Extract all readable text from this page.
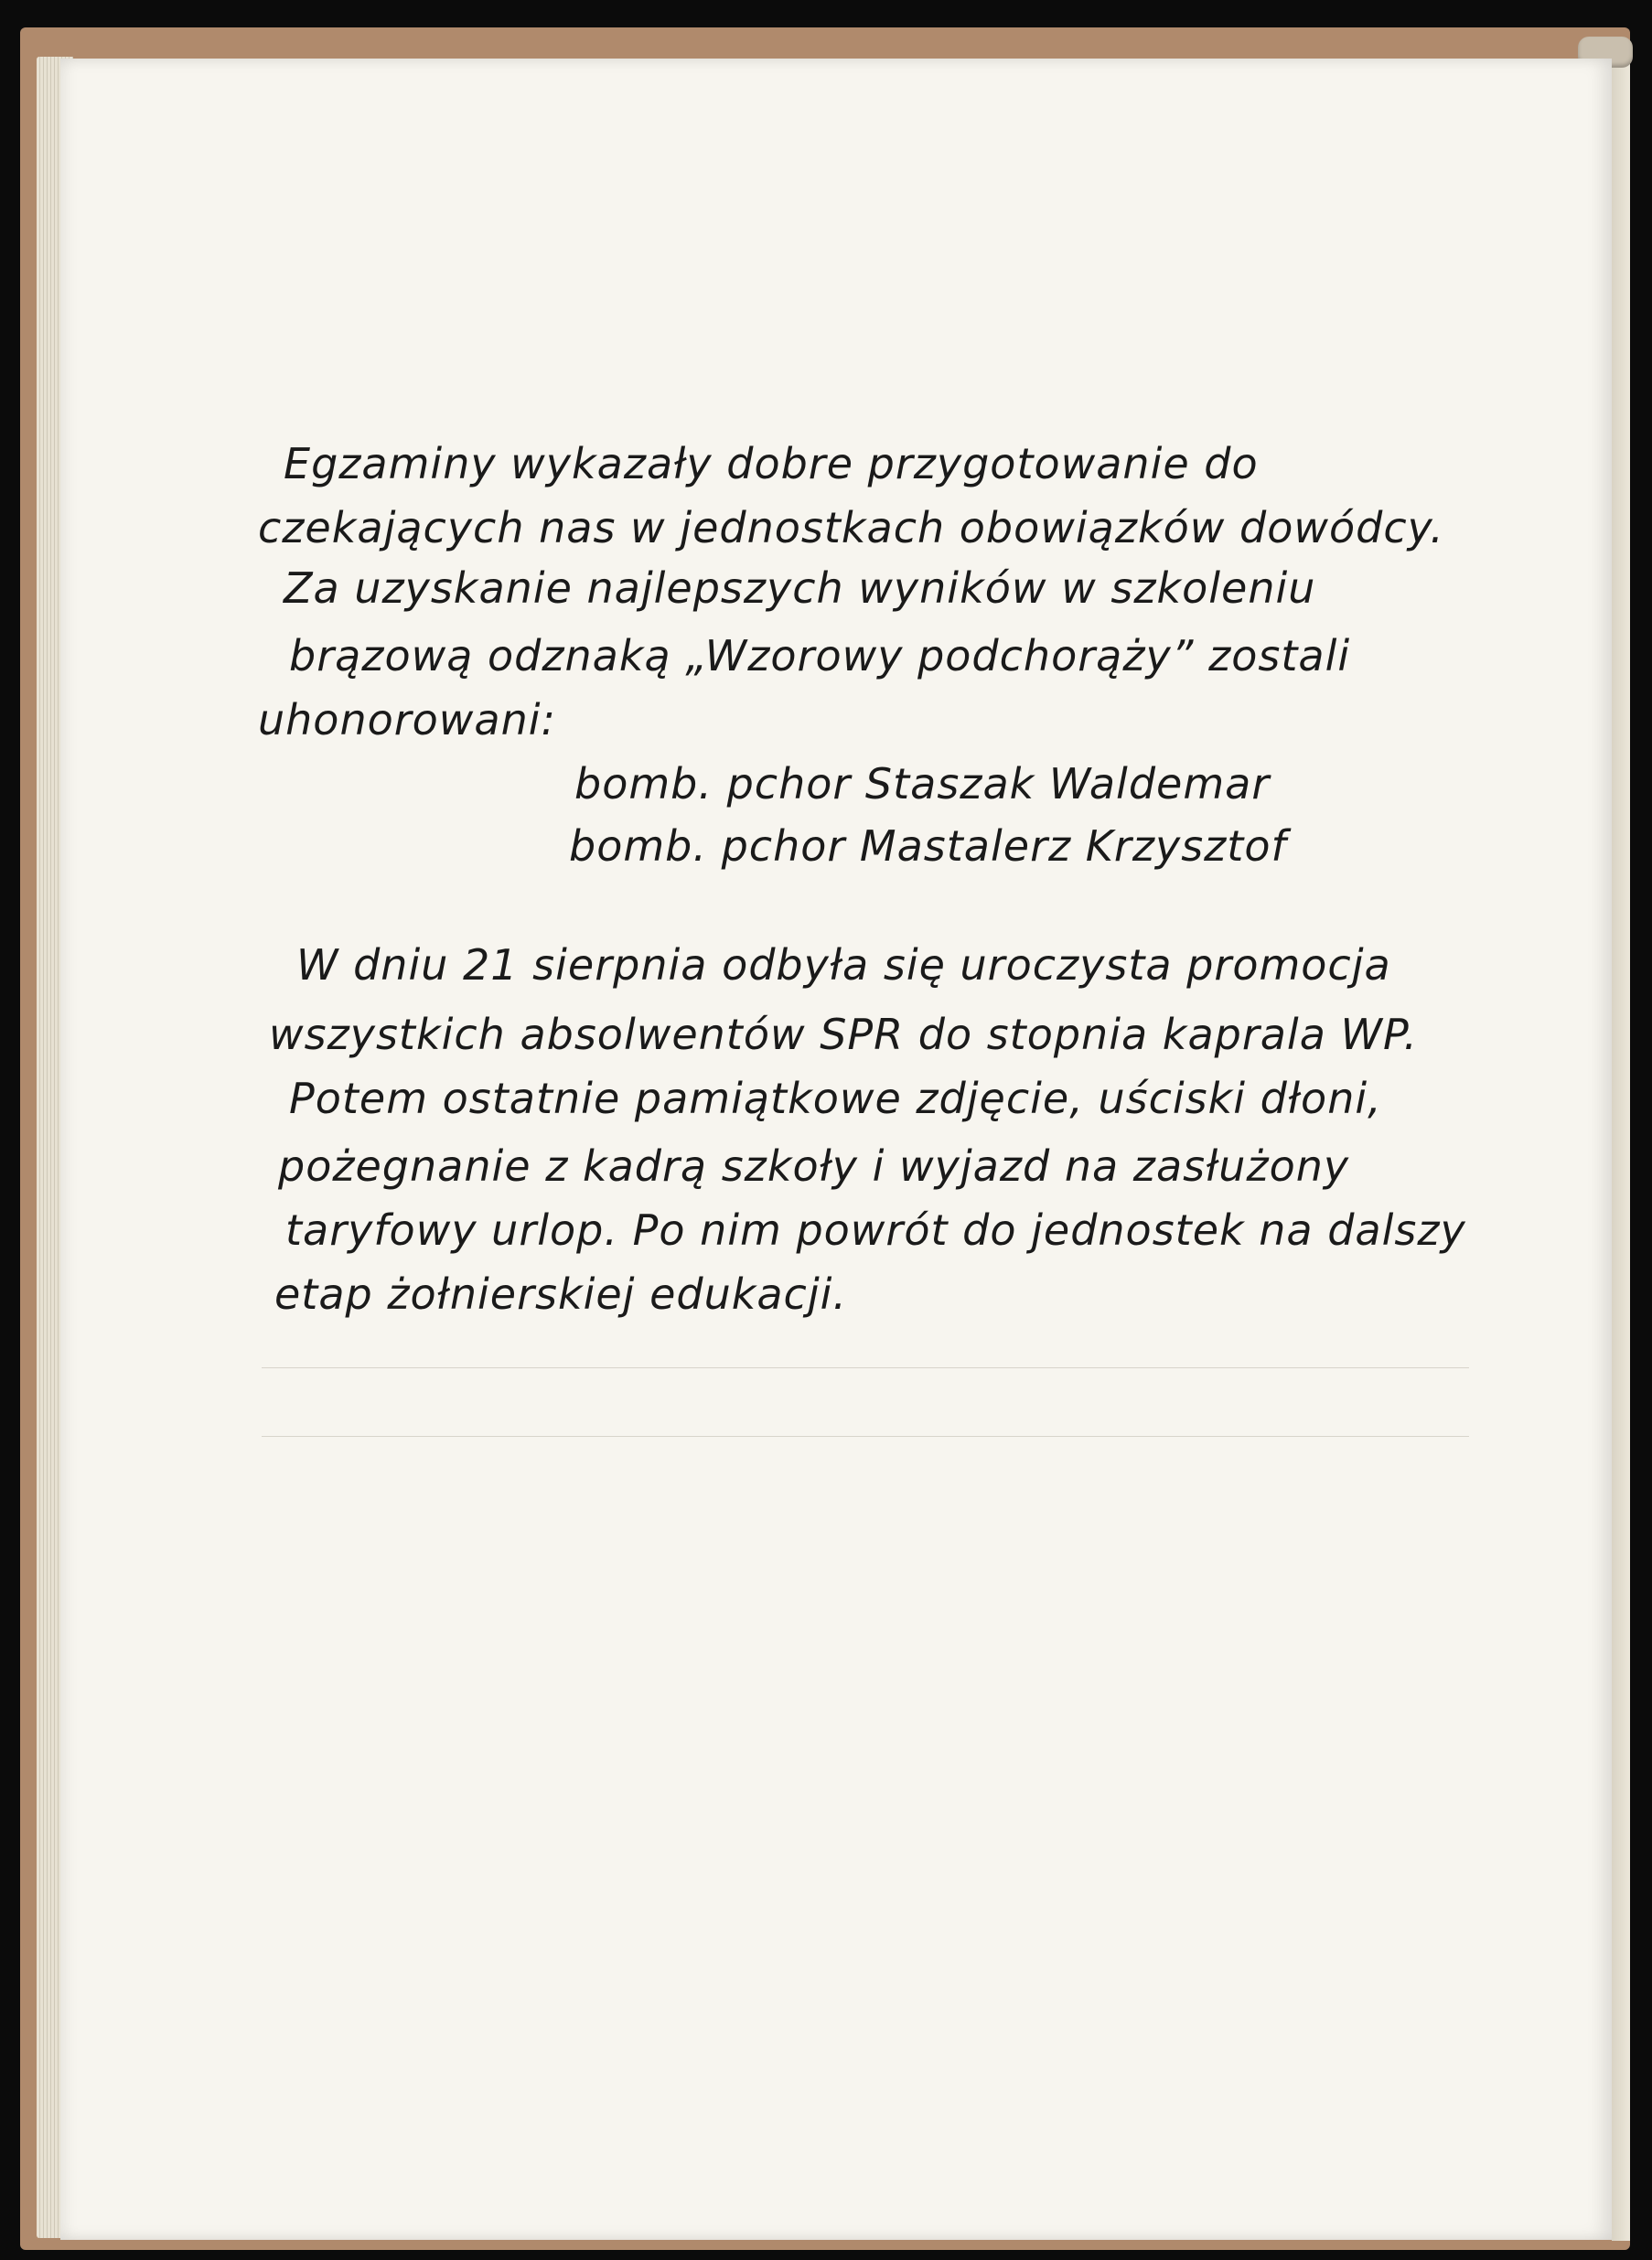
Egzaminy wykazały dobre przygotowanie do
czekających nas w jednostkach obowiązków dowódcy.
Za uzyskanie najlepszych wyników w szkoleniu
brązową odznaką „Wzorowy podchorąży” zostali
uhonorowani:
bomb. pchor Staszak Waldemar
bomb. pchor Mastalerz Krzysztof
W dniu 21 sierpnia odbyła się uroczysta promocja
wszystkich absolwentów SPR do stopnia kaprala WP.
Potem ostatnie pamiątkowe zdjęcie, uściski dłoni,
pożegnanie z kadrą szkoły i wyjazd na zasłużony
taryfowy urlop. Po nim powrót do jednostek na dalszy
etap żołnierskiej edukacji.
